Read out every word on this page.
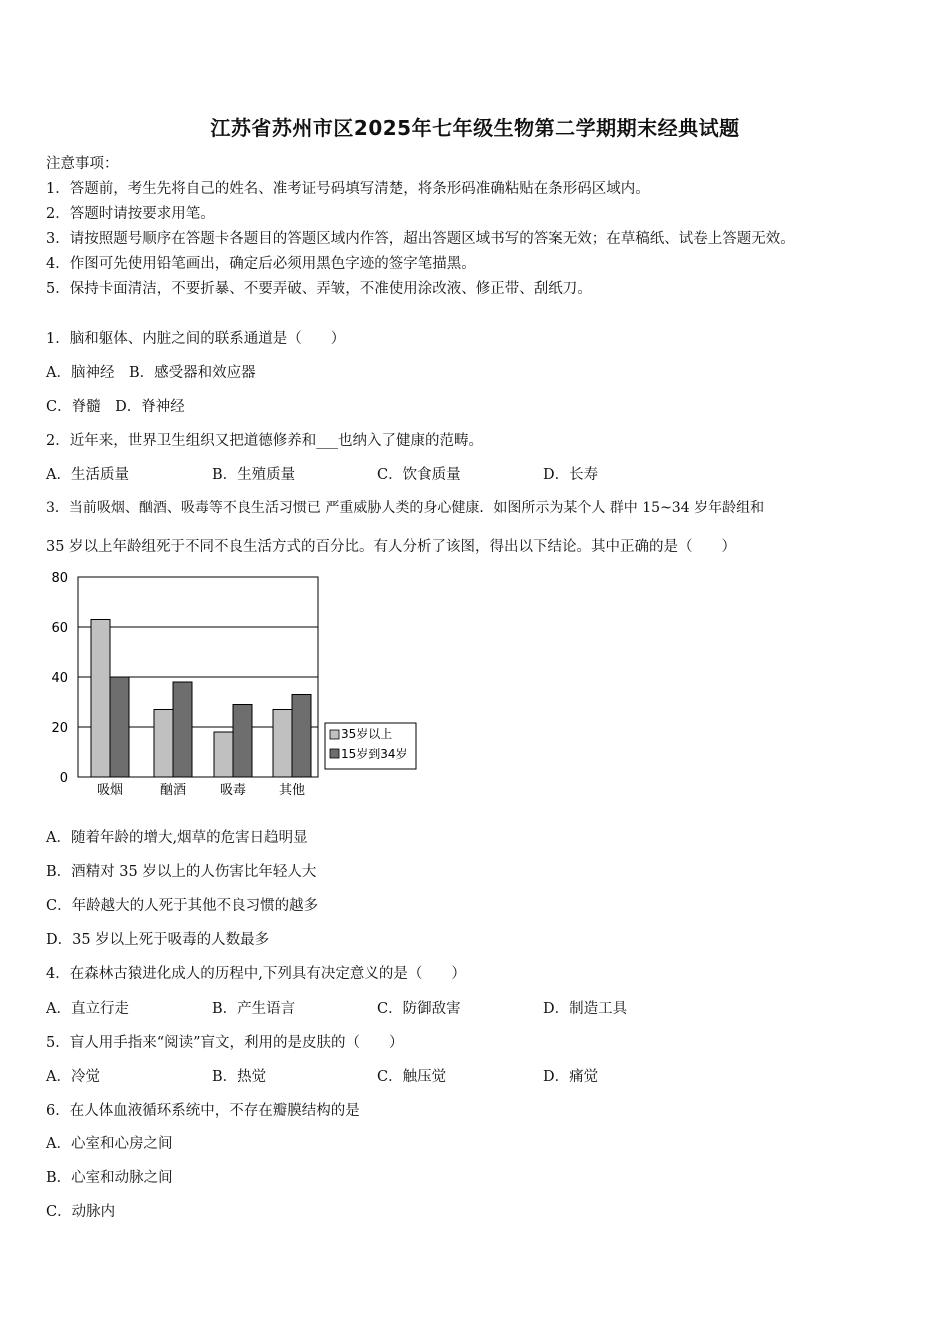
江苏省苏州市区2025年七年级生物第二学期期末经典试题
注意事项：
1．答题前，考生先将自己的姓名、准考证号码填写清楚，将条形码准确粘贴在条形码区域内。
2．答题时请按要求用笔。
3．请按照题号顺序在答题卡各题目的答题区域内作答，超出答题区域书写的答案无效；在草稿纸、试卷上答题无效。
4．作图可先使用铅笔画出，确定后必须用黑色字迹的签字笔描黑。
5．保持卡面清洁，不要折暴、不要弄破、弄皱，不准使用涂改液、修正带、刮纸刀。
1．脑和躯体、内脏之间的联系通道是（　　）
A．脑神经　B．感受器和效应器
C．脊髓　D．脊神经
2．近年来，世界卫生组织又把道德修养和___也纳入了健康的范畴。
A．生活质量	B．生殖质量	C．饮食质量	D．长寿
3．当前吸烟、酗酒、吸毒等不良生活习惯已 严重威胁人类的身心健康．如图所示为某个人 群中 15~34 岁年龄组和
35 岁以上年龄组死于不同不良生活方式的百分比。有人分析了该图，得出以下结论。其中正确的是（　　）
80
60
40
20
0
吸烟	酗酒	吸毒	其他
35岁以上
15岁到34岁
A．随着年龄的增大,烟草的危害日趋明显
B．酒精对 35 岁以上的人伤害比年轻人大
C．年龄越大的人死于其他不良习惯的越多
D．35 岁以上死于吸毒的人数最多
4．在森林古猿进化成人的历程中,下列具有决定意义的是（　　）
A．直立行走	B．产生语言	C．防御敌害	D．制造工具
5．盲人用手指来“阅读”盲文，利用的是皮肤的（　　）
A．冷觉	B．热觉	C．触压觉	D．痛觉
6．在人体血液循环系统中，不存在瓣膜结构的是
A．心室和心房之间
B．心室和动脉之间
C．动脉内
